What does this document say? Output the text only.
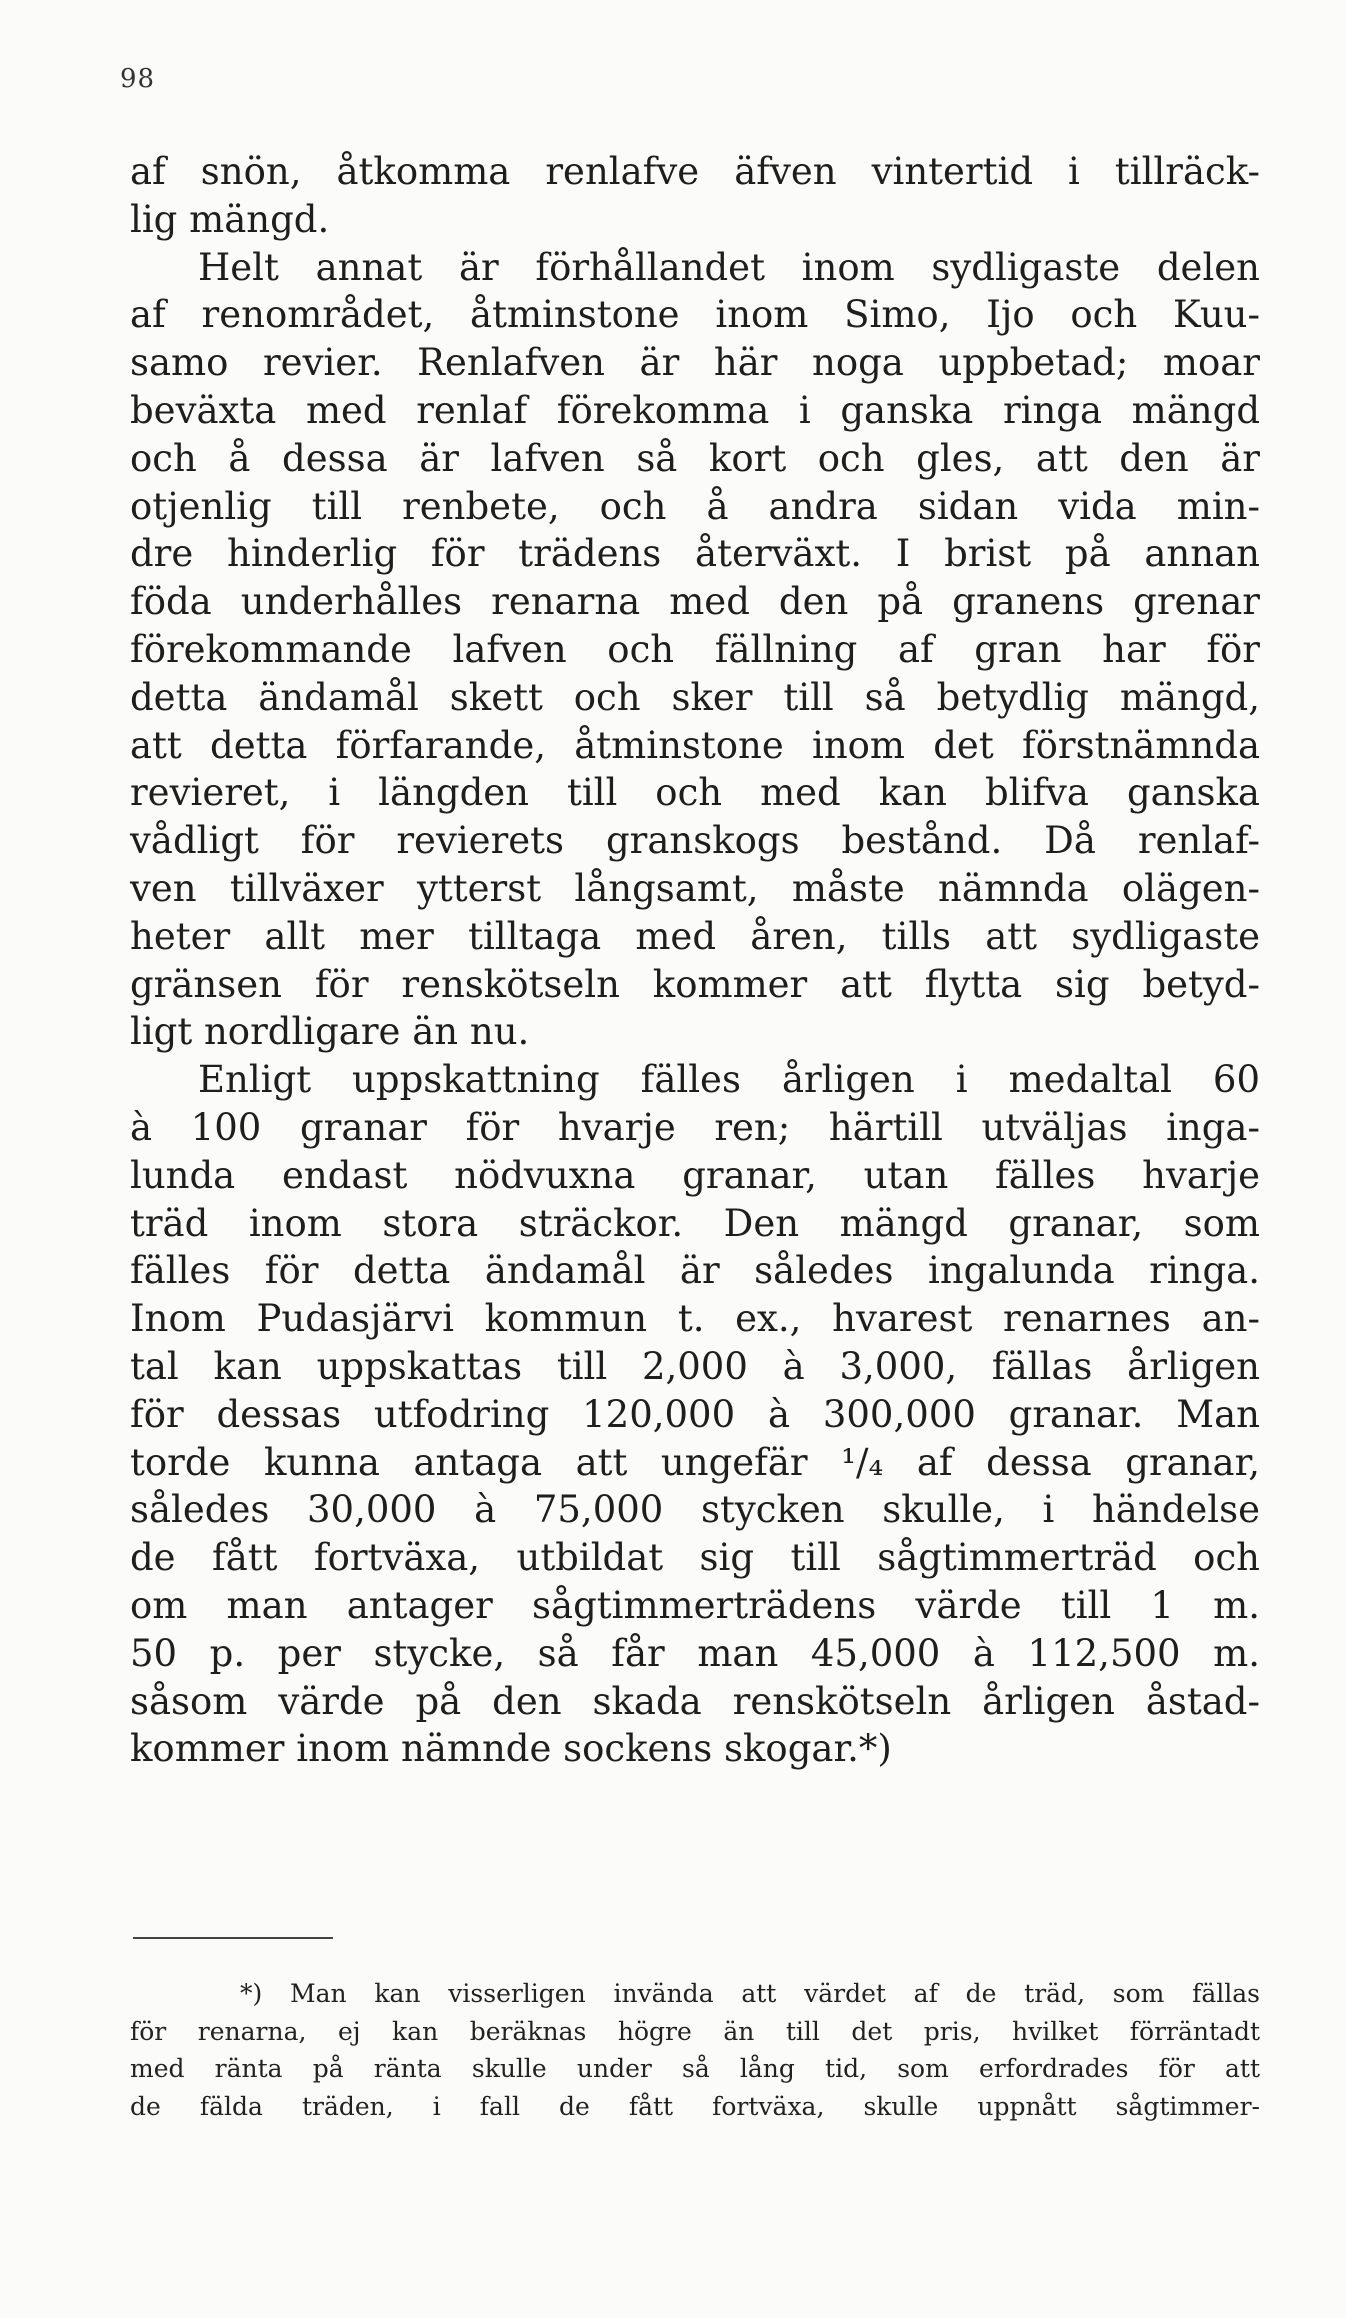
98
af snön, åtkomma renlafve äfven vintertid i tillräck-
lig mängd.
Helt annat är förhållandet inom sydligaste delen
af renområdet, åtminstone inom Simo, Ijo och Kuu-
samo revier. Renlafven är här noga uppbetad; moar
beväxta med renlaf förekomma i ganska ringa mängd
och å dessa är lafven så kort och gles, att den är
otjenlig till renbete, och å andra sidan vida min-
dre hinderlig för trädens återväxt. I brist på annan
föda underhålles renarna med den på granens grenar
förekommande lafven och fällning af gran har för
detta ändamål skett och sker till så betydlig mängd,
att detta förfarande, åtminstone inom det förstnämnda
revieret, i längden till och med kan blifva ganska
vådligt för revierets granskogs bestånd. Då renlaf-
ven tillväxer ytterst långsamt, måste nämnda olägen-
heter allt mer tilltaga med åren, tills att sydligaste
gränsen för renskötseln kommer att flytta sig betyd-
ligt nordligare än nu.
Enligt uppskattning fälles årligen i medaltal 60
à 100 granar för hvarje ren; härtill utväljas inga-
lunda endast nödvuxna granar, utan fälles hvarje
träd inom stora sträckor. Den mängd granar, som
fälles för detta ändamål är således ingalunda ringa.
Inom Pudasjärvi kommun t. ex., hvarest renarnes an-
tal kan uppskattas till 2,000 à 3,000, fällas årligen
för dessas utfodring 120,000 à 300,000 granar. Man
torde kunna antaga att ungefär ¹/₄ af dessa granar,
således 30,000 à 75,000 stycken skulle, i händelse
de fått fortväxa, utbildat sig till sågtimmerträd och
om man antager sågtimmerträdens värde till 1 m.
50 p. per stycke, så får man 45,000 à 112,500 m.
såsom värde på den skada renskötseln årligen åstad-
kommer inom nämnde sockens skogar.*)
*) Man kan visserligen invända att värdet af de träd, som fällas
för renarna, ej kan beräknas högre än till det pris, hvilket förräntadt
med ränta på ränta skulle under så lång tid, som erfordrades för att
de fälda träden, i fall de fått fortväxa, skulle uppnått sågtimmer-
